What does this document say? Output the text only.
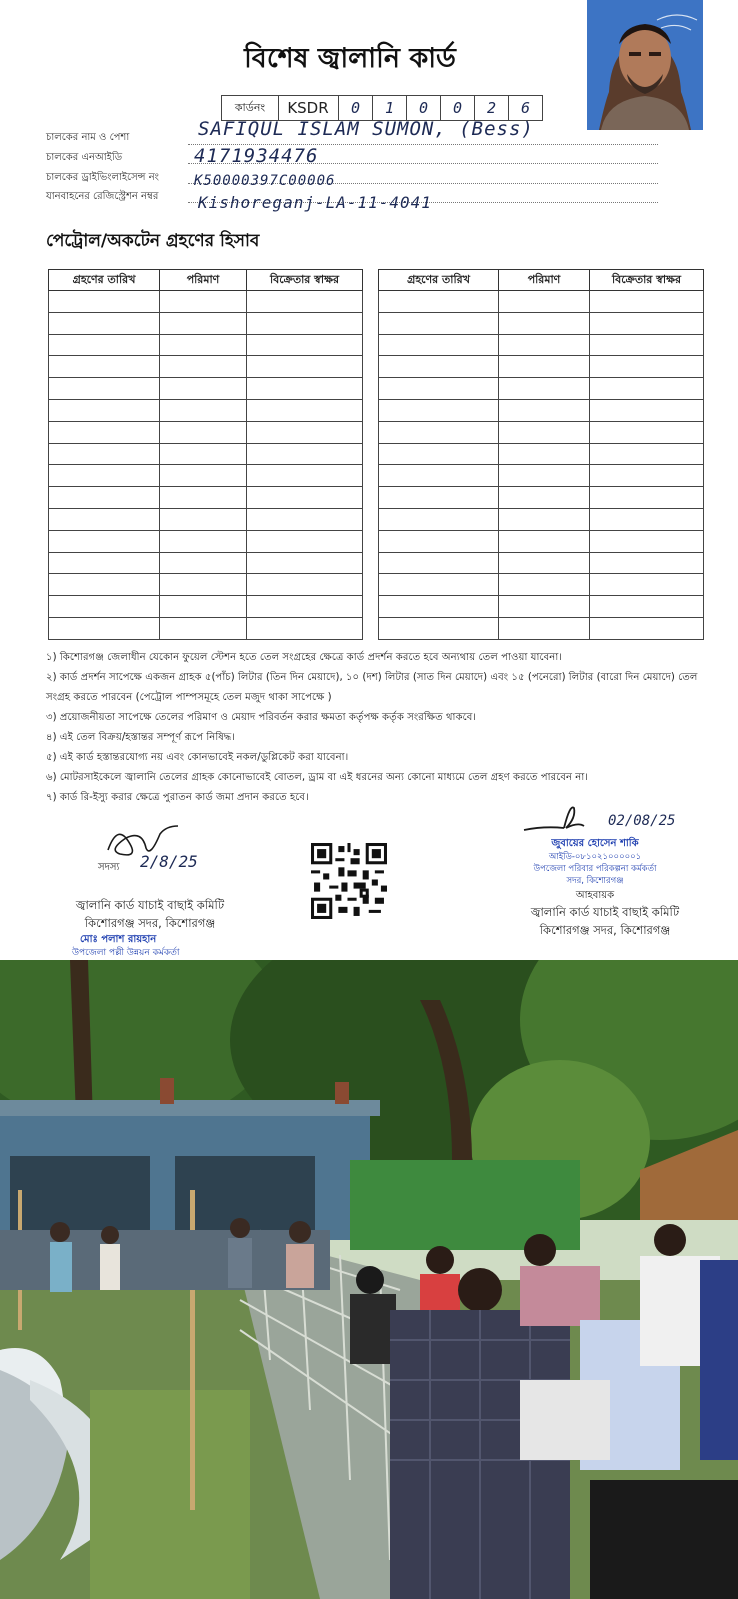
বিশেষ জ্বালানি কার্ড
কার্ডনং	KSDR	0	1	0	0	2	6
চালকের নাম ও পেশা	SAFIQUL ISLAM SUMON, (Bess)
চালকের এনআইডি	4171934476
চালকের ড্রাইভিংলাইসেন্স নং	K50000397C00006
যানবাহনের রেজিস্ট্রেশন নম্বর Kishoreganj-LA-11-4041
পেট্রোল/অকটেন গ্রহণের হিসাব
গ্রহণের তারিখ	পরিমাণ	বিক্রেতার স্বাক্ষর

			গ্রহণের তারিখ	পরিমাণ	বিক্রেতার স্বাক্ষর

১) কিশোরগঞ্জ জেলাধীন যেকোন ফুয়েল স্টেশন হতে তেল সংগ্রহের ক্ষেত্রে কার্ড প্রদর্শন করতে হবে অন্যথায় তেল পাওয়া যাবেনা।
২) কার্ড প্রদর্শন সাপেক্ষে একজন গ্রাহক ৫(পাঁচ) লিটার (তিন দিন মেয়াদে), ১০ (দশ) লিটার (সাত দিন মেয়াদে) এবং ১৫ (পনেরো) লিটার (বারো দিন মেয়াদে) তেল সংগ্রহ করতে পারবেন (পেট্রোল পাম্পসমূহে তেল মজুদ থাকা সাপেক্ষে )
৩) প্রয়োজনীয়তা সাপেক্ষে তেলের পরিমাণ ও মেয়াদ পরিবর্তন করার ক্ষমতা কর্তৃপক্ষ কর্তৃক সংরক্ষিত থাকবে।
৪) এই তেল বিক্রয়/হস্তান্তর সম্পূর্ণ রূপে নিষিদ্ধ।
৫) এই কার্ড হস্তান্তরযোগ্য নয় এবং কোনভাবেই নকল/ডুপ্লিকেট করা যাবেনা।
৬) মোটরসাইকেলে জ্বালানি তেলের গ্রাহক কোনোভাবেই বোতল, ড্রাম বা এই ধরনের অন্য কোনো মাধ্যমে তেল গ্রহণ করতে পারবেন না।
৭) কার্ড রি-ইস্যু করার ক্ষেত্রে পুরাতন কার্ড জমা প্রদান করতে হবে।
2/8/25
সদস্য
জ্বালানি কার্ড যাচাই বাছাই কমিটি
কিশোরগঞ্জ সদর, কিশোরগঞ্জ
মোঃ পলাশ রায়হান
উপজেলা পল্লী উন্নয়ন কর্মকর্তা
02/08/25
জুবায়ের হোসেন শাকি
আইডি-০৮১০২১০০০০০১
উপজেলা পরিবার পরিকল্পনা কর্মকর্তা
সদর, কিশোরগঞ্জ
আহবায়ক
জ্বালানি কার্ড যাচাই বাছাই কমিটি
কিশোরগঞ্জ সদর, কিশোরগঞ্জ
